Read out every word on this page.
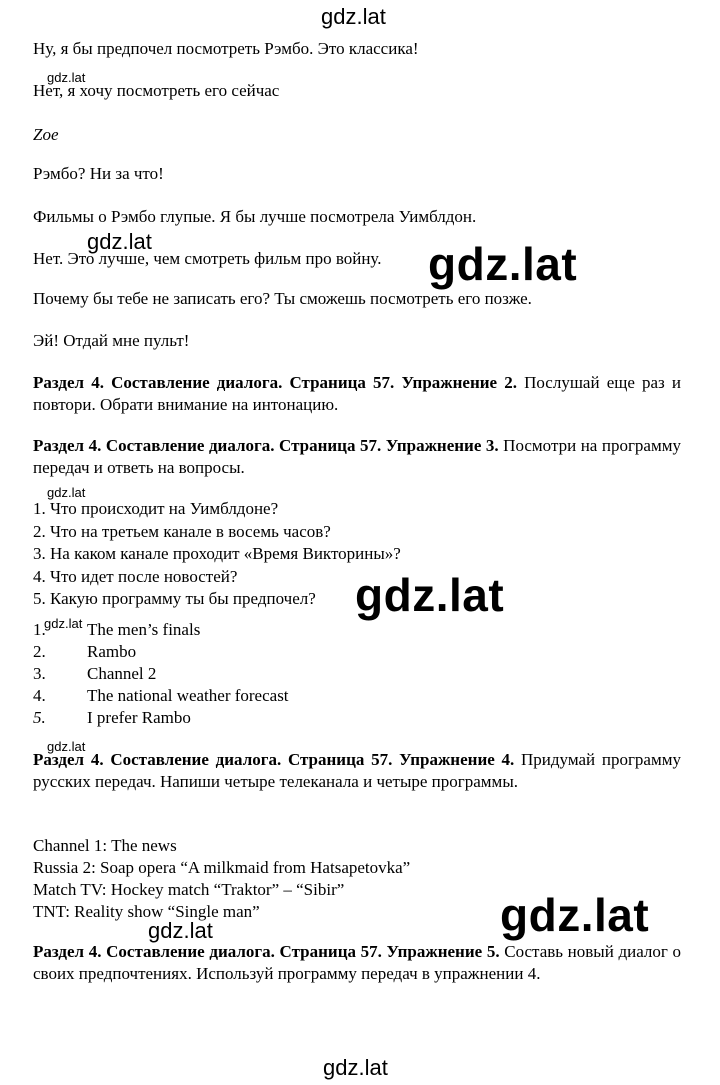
gdz.lat
Ну, я бы предпочел посмотреть Рэмбо. Это классика!
gdz.lat
Нет, я хочу посмотреть его сейчас
Zoe
Рэмбо? Ни за что!
Фильмы о Рэмбо глупые. Я бы лучше посмотрела Уимблдон.
gdz.lat
Нет. Это лучше, чем смотреть фильм про войну. gdz.lat
Почему бы тебе не записать его? Ты сможешь посмотреть его позже.
Эй! Отдай мне пульт!
Раздел 4. Составление диалога. Страница 57. Упражнение 2. Послушай еще раз и повтори. Обрати внимание на интонацию.
Раздел 4. Составление диалога. Страница 57. Упражнение 3. Посмотри на программу передач и ответь на вопросы.
gdz.lat
1. Что происходит на Уимблдоне?
2. Что на третьем канале в восемь часов?
3. На каком канале проходит «Время Викторины»?
4. Что идет после новостей?
5. Какую программу ты бы предпочел? gdz.lat
1. The men’s finals
gdz.lat
2. Rambo
3. Channel 2
4. The national weather forecast
5. I prefer Rambo
gdz.lat
Раздел 4. Составление диалога. Страница 57. Упражнение 4. Придумай программу русских передач. Напиши четыре телеканала и четыре программы.
Channel 1: The news
Russia 2: Soap opera “A milkmaid from Hatsapetovka”
Match TV: Hockey match “Traktor” – “Sibir”
TNT: Reality show “Single man”	gdz.lat
gdz.lat
Раздел 4. Составление диалога. Страница 57. Упражнение 5. Составь новый диалог о своих предпочтениях. Используй программу передач в упражнении 4.
gdz.lat
